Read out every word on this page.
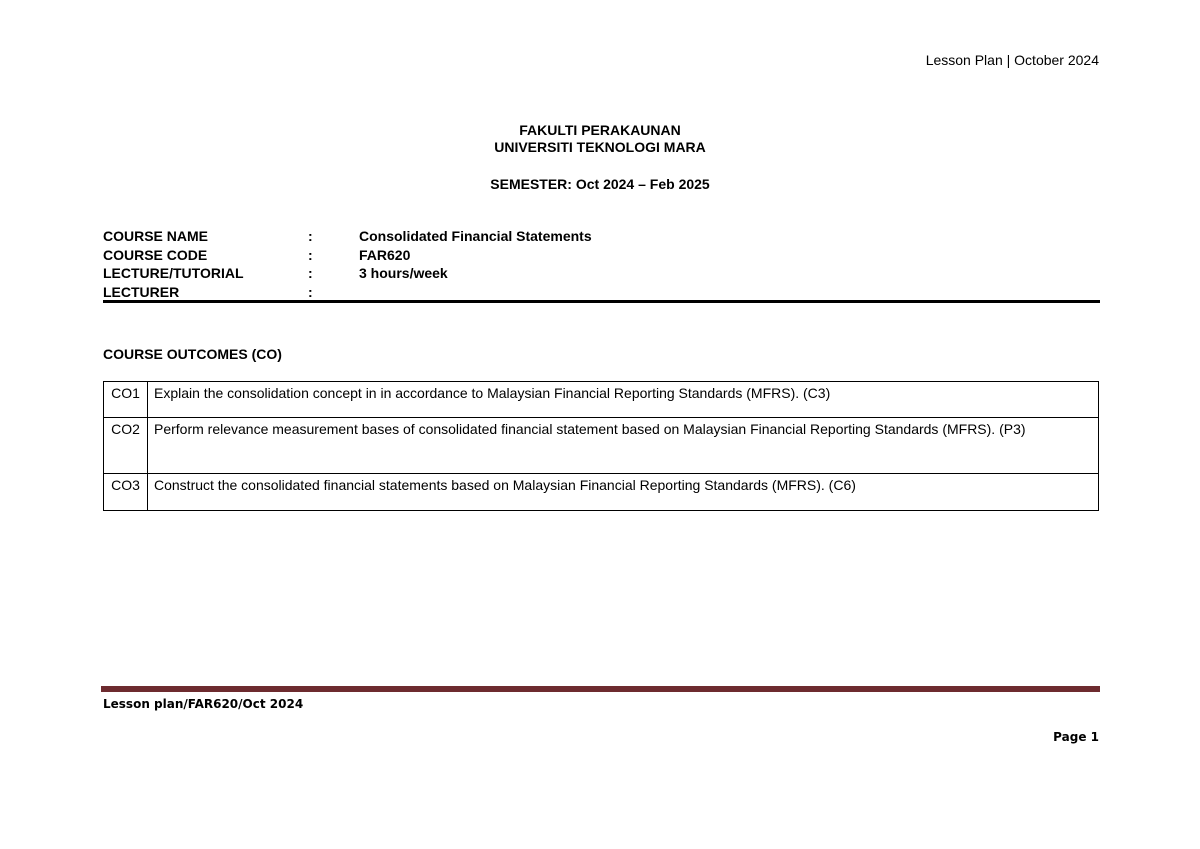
Lesson Plan | October 2024
FAKULTI PERAKAUNAN
UNIVERSITI TEKNOLOGI MARA
SEMESTER: Oct 2024 – Feb 2025
COURSE NAME	:	Consolidated Financial Statements
COURSE CODE	:	FAR620
LECTURE/TUTORIAL	:	3 hours/week
LECTURER	:
COURSE OUTCOMES (CO)
CO1	Explain the consolidation concept in in accordance to Malaysian Financial Reporting Standards (MFRS). (C3)
CO2	Perform relevance measurement bases of consolidated financial statement based on Malaysian Financial Reporting Standards (MFRS). (P3)
CO3	Construct the consolidated financial statements based on Malaysian Financial Reporting Standards (MFRS). (C6)
Lesson plan/FAR620/Oct 2024
Page 1
